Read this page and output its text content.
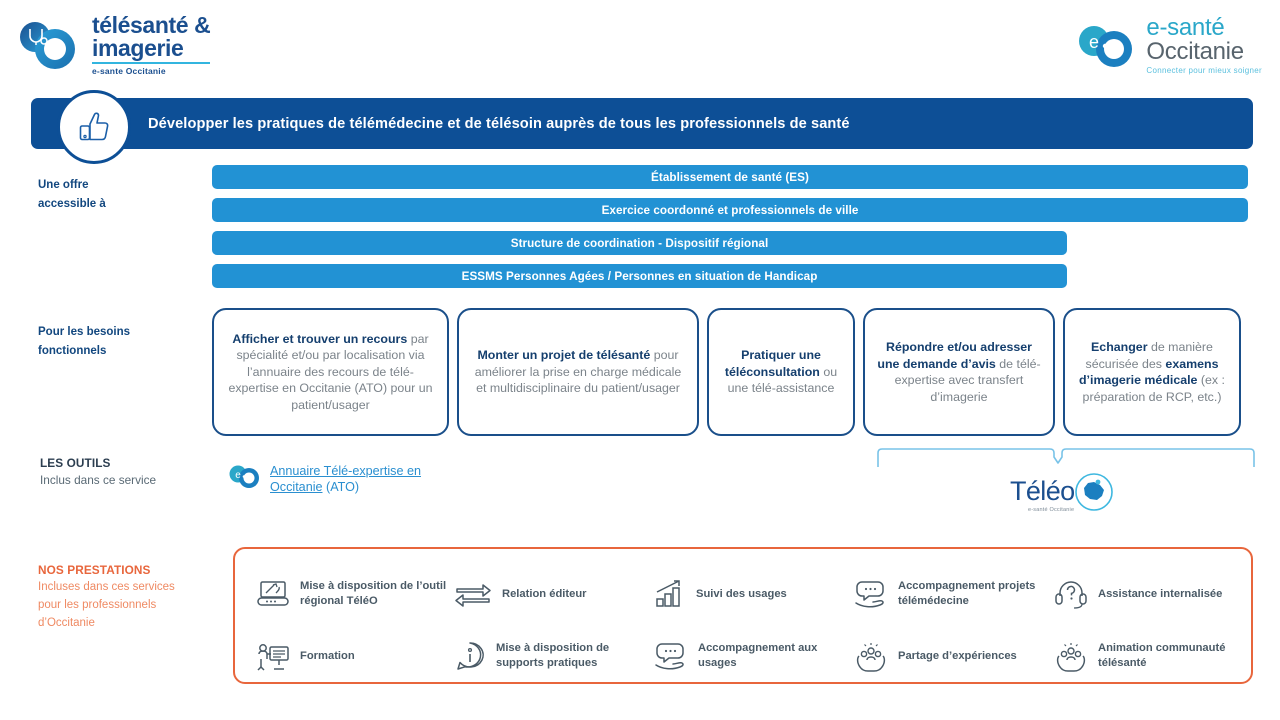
télésanté &
imagerie
e-sante Occitanie
e
e-santé
Occitanie
Connecter pour mieux soigner
Développer les pratiques de télémédecine et de télésoin auprès de tous les professionnels de santé
Une offre
accessible à
Établissement de santé (ES)
Exercice coordonné et professionnels de ville
Structure de coordination - Dispositif régional
ESSMS Personnes Agées / Personnes en situation de Handicap
Pour les besoins
fonctionnels
Afficher et trouver un recours par spécialité et/ou par localisation via l’annuaire des recours de télé-expertise en Occitanie (ATO) pour un patient/usager
Monter un projet de télésanté pour améliorer la prise en charge médicale et multidisciplinaire du patient/usager
Pratiquer une téléconsultation ou une télé-assistance
Répondre et/ou adresser une demande d’avis de télé-expertise avec transfert d’imagerie
Echanger de manière sécurisée des examens d’imagerie médicale (ex : préparation de RCP, etc.)
LES OUTILS
Inclus dans ce service	e Annuaire Télé-expertise en Occitanie (ATO)	Téléo
e-santé Occitanie
NOS PRESTATIONS
Incluses dans ces services
pour les professionnels
d’Occitanie
Mise à disposition de l’outil régional TéléO
Relation éditeur	Suivi des usages
Accompagnement projets télémédecine
Assistance internalisée
Formation
Mise à disposition de supports pratiques
Accompagnement aux usages
Partage d’expériences
Animation communauté télésanté
